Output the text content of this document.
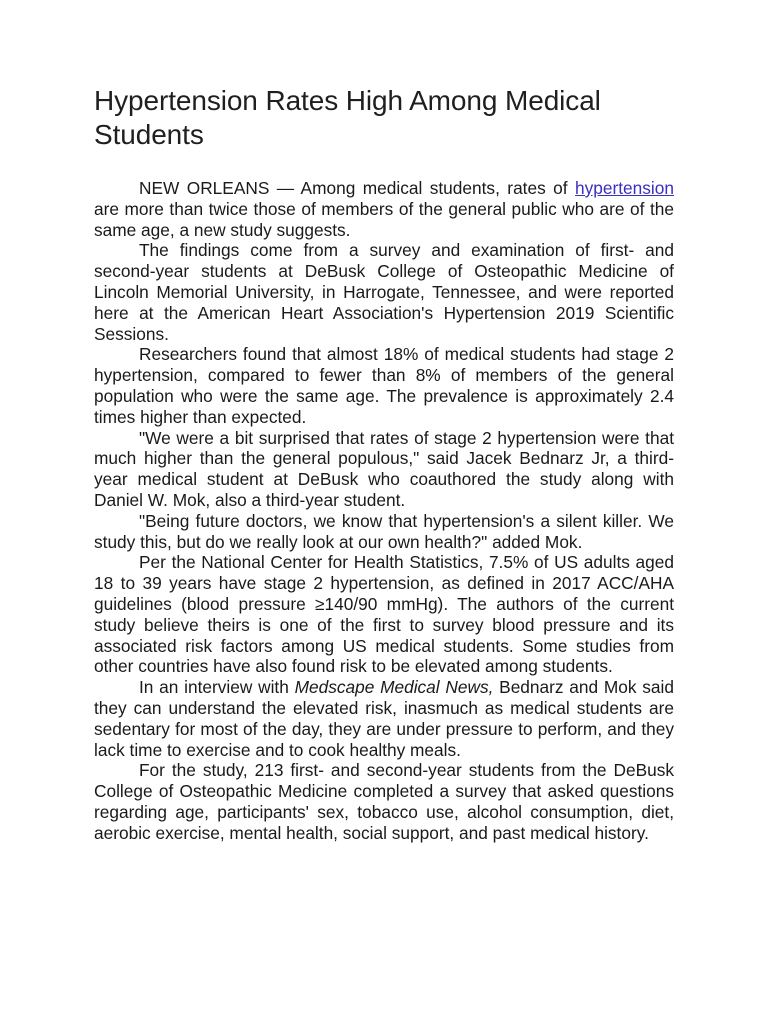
Hypertension Rates High Among Medical Students

NEW ORLEANS — Among medical students, rates of hypertension are more than twice those of members of the general public who are of the same age, a new study suggests.

The findings come from a survey and examination of first- and second-year students at DeBusk College of Osteopathic Medicine of Lincoln Memorial University, in Harrogate, Tennessee, and were reported here at the American Heart Association's Hypertension 2019 Scientific Sessions.

Researchers found that almost 18% of medical students had stage 2 hypertension, compared to fewer than 8% of members of the general population who were the same age. The prevalence is approximately 2.4 times higher than expected.

"We were a bit surprised that rates of stage 2 hypertension were that much higher than the general populous," said Jacek Bednarz Jr, a third-year medical student at DeBusk who coauthored the study along with Daniel W. Mok, also a third-year student.

"Being future doctors, we know that hypertension's a silent killer. We study this, but do we really look at our own health?" added Mok.

Per the National Center for Health Statistics, 7.5% of US adults aged 18 to 39 years have stage 2 hypertension, as defined in 2017 ACC/AHA guidelines (blood pressure ≥140/90 mmHg). The authors of the current study believe theirs is one of the first to survey blood pressure and its associated risk factors among US medical students. Some studies from other countries have also found risk to be elevated among students.

In an interview with Medscape Medical News, Bednarz and Mok said they can understand the elevated risk, inasmuch as medical students are sedentary for most of the day, they are under pressure to perform, and they lack time to exercise and to cook healthy meals.

For the study, 213 first- and second-year students from the DeBusk College of Osteopathic Medicine completed a survey that asked questions regarding age, participants' sex, tobacco use, alcohol consumption, diet, aerobic exercise, mental health, social support, and past medical history.
